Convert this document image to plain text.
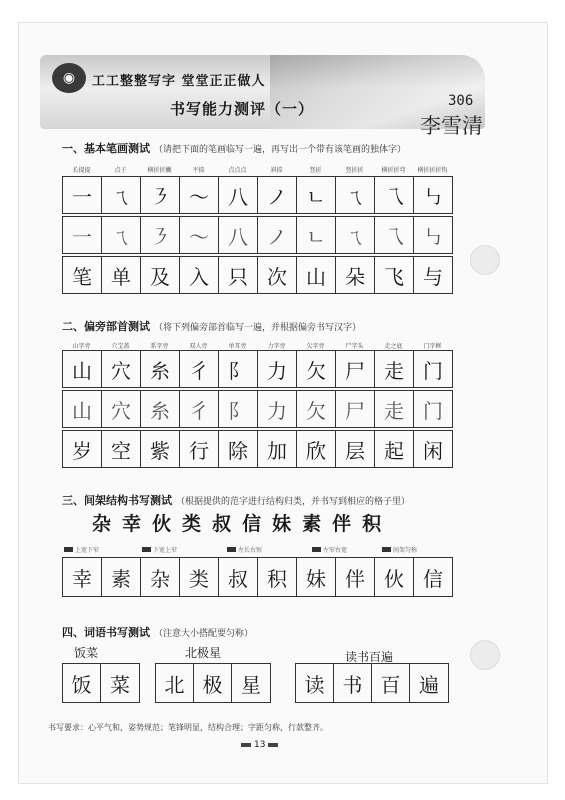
◉	工工整整写字 堂堂正正做人
书写能力测评（一）	306
李雪清
一、基本笔画测试 （请把下面的笔画临写一遍，再写出一个带有该笔画的独体字）
长提提	点子	横折折撇	平捺	点点点	斜捺	竖折	竖折折	横折折弯	横折折折钩
一 ㄟ ㇋ ～ 八 ノ ㄴ ㄟ 乁 ㇉
一 ㄟ ㇋ ～ 八 ノ ㄴ ㄟ 乁 ㇉
笔 单 及 入 只 次 山 朵 飞 与
二、偏旁部首测试 （将下列偏旁部首临写一遍，并根据偏旁书写汉字）
山字旁	穴宝盖	系字旁	双人旁	单耳旁	力字旁	欠字旁	尸字头	走之底	门字框
山 穴 糸 彳 阝 力 欠 尸 走 门
山 穴 糸 彳 阝 力 欠 尸 走 门
岁 空 紫 行 除 加 欣 层 起 闲
三、间架结构书写测试 （根据提供的范字进行结构归类，并书写到相应的格子里）
杂幸伙类叔信妹素伴积
上宽下窄	下宽上窄	左长右短	左窄右宽	间架匀称
幸 素 杂 类 叔 积 妹 伴 伙 信
四、词语书写测试 （注意大小搭配要匀称）
饭菜
饭 菜
北极星
北 极 星
读书百遍
读 书 百 遍
书写要求：心平气和，姿势规范；笔锋明显，结构合理；字距匀称，行款整齐。
13
